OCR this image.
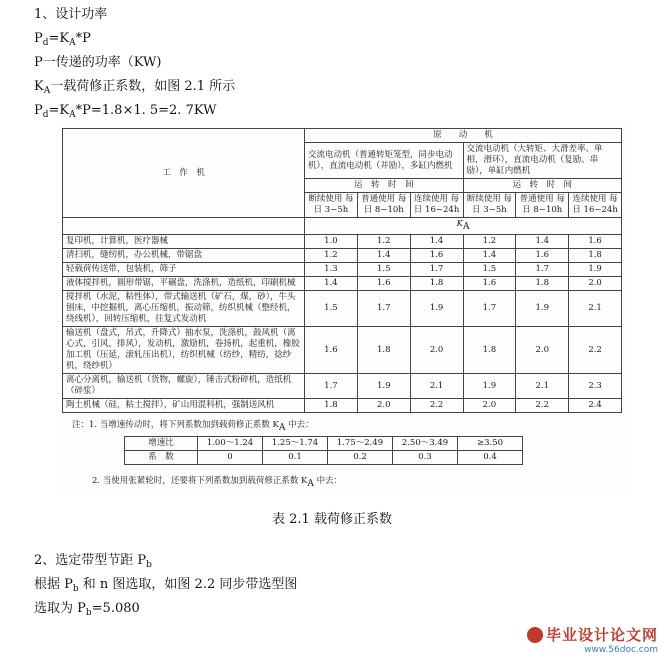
1、设计功率
$P_d=K_A*P$
P一传递的功率（KW)
$K_A$一载荷修正系数，如图 2.1 所示
$P_d=K_A*P=1.8\times 1$. 5=2. 7KW
工　作　机	原　　动　　机					
	交流电动机（普通转矩笼型，同步电动机），直流电动机（并励），多缸内燃机			交流电动机（大转矩、大滑差率、单相，滑环），直流电动机（复励、串励），单缸内燃机		
	运　转　时　间			运　转　时　间		
	断续使用 每日 3~5h	普通使用 每日 8~10h	连续使用 每日 16~24h	断续使用 每日 3~5h	普通使用 每日 8~10h	连续使用 每日 16~24h
	KA					
复印机，计算机，医疗器械	1.0	1.2	1.4	1.2	1.4	1.6
清扫机，缝纫机，办公机械，带锯盘	1.2	1.4	1.6	1.4	1.6	1.8
轻载荷传送带，包装机，筛子	1.3	1.5	1.7	1.5	1.7	1.9
液体搅拌机，圆形带锯，平碾盘，洗涤机，造纸机，印刷机械	1.4	1.6	1.8	1.6	1.8	2.0
搅拌机（水泥，粘性体），带式输送机（矿石，煤，砂），牛头刨床，中挖掘机，离心压缩机，振动筛，纺织机械（整经机，绕线机），回转压缩机，往复式发动机	1.5	1.7	1.9	1.7	1.9	2.1
输送机（盘式，吊式，升降式）抽水泵，洗涤机，鼓风机（离心式，引风，排风），发动机，激励机，卷扬机，起重机，橡胶加工机（压延，滚轧压出机），纺织机械（纺纱，精纺，捻纱机，绕纱机）	1.6	1.8	2.0	1.8	2.0	2.2
离心分离机，输送机（货物，螺旋），锤击式粉碎机，造纸机（碎浆）	1.7	1.9	2.1	1.9	2.1	2.3
陶土机械（硅，粘土搅拌），矿山用混料机，强制送风机	1.8	2.0	2.2	2.0	2.2	2.4
注：1. 当增速传动时，将下列系数加到载荷修正系数 KA 中去：
增速比	1.00～1.24	1.25～1.74	1.75～2.49	2.50～3.49	≥3.50
系　数	0	0.1	0.2	0.3	0.4
2. 当使用张紧轮时，还要将下列系数加到载荷修正系数 KA 中去：
表 2.1 载荷修正系数
2、选定带型节距 $P_b$
根据 $P_b$ 和 n 图选取，如图 2.2 同步带选型图
选取为 $P_b=5.080$
毕业设计论文网
www.56doc.com
